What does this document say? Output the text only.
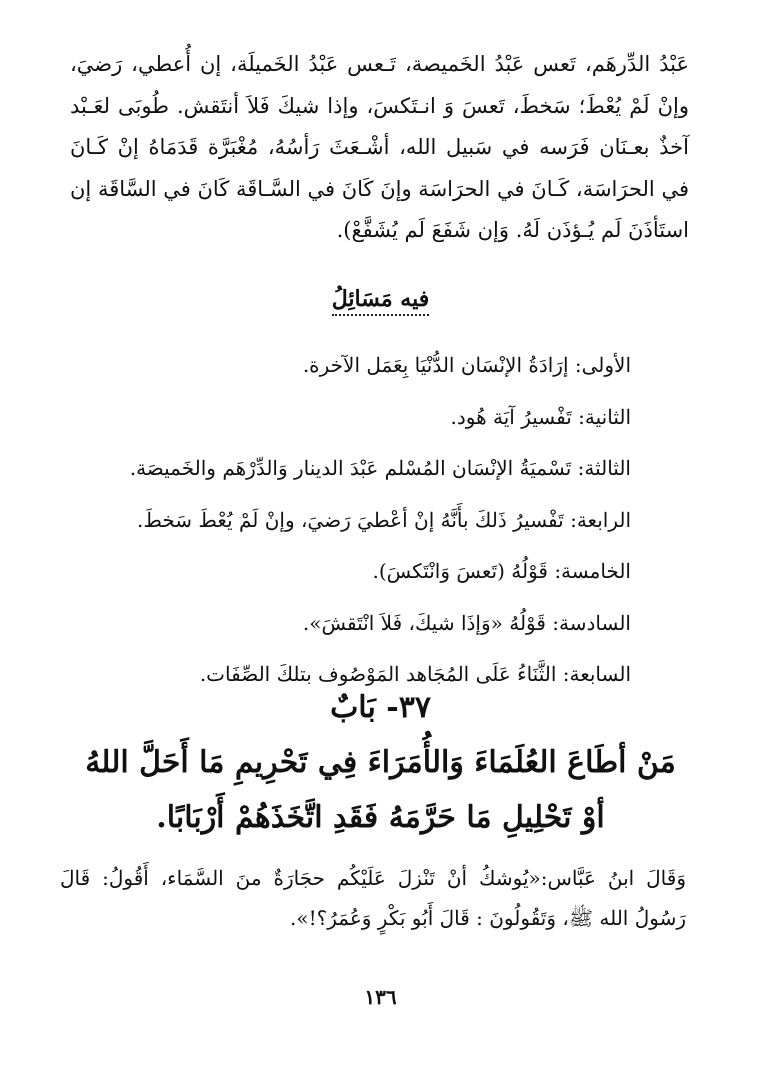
عَبْدُ الدِّرهَم، تَعس عَبْدُ الخَميصة، تَـعس عَبْدُ الخَميلَة، إن أُعطي، رَضيَ، وإنْ لَمْ يُعْطَ؛ سَخطَ، تَعسَ وَ انـتَكسَ، وإذا شيكَ فَلاَ أنتَقش. طُوبَى لعَـبْد آخذٌ بعـنَان فَرَسه في سَبيل الله، أشْـعَثَ رَأسُهُ، مُغْبَرَّة قَدَمَاهُ إنْ كَـانَ في الحرَاسَة، كَـانَ في الحرَاسَة وإنَ كَانَ في السَّـاقَة كَانَ في السَّاقَة إن استَأذَنَ لَم يُـؤذَن لَهُ. وَإن شَفَعَ لَم يُشَفَّعْ).
فيه مَسَائِلُ
الأولى: إرَادَةُ الإنْسَان الدُّنْيَا بِعَمَل الآخرة.
الثانية: تَفْسيرُ آيَة هُود.
الثالثة: تَسْميَةُ الإنْسَان المُسْلم عَبْدَ الدينار وَالدِّرْهَم والخَميصَة.
الرابعة: تَفْسيرُ ذَلكَ بأَنَّهُ إنْ أعْطيَ رَضيَ، وإنْ لَمْ يُعْطَ سَخطَ.
الخامسة: قَوْلُهُ (تَعسَ وَانْتَكسَ).
السادسة: قَوْلُهُ «وَإذَا شيكَ، فَلاَ انْتَقشَ».
السابعة: الثَّنَاءُ عَلَى المُجَاهد المَوْصُوف بتلكَ الصِّفَات.
٣٧- بَابٌ
مَنْ أطَاعَ العُلَمَاءَ وَالأُمَرَاءَ فِي تَحْرِيمِ مَا أَحَلَّ اللهُ
أوْ تَحْلِيلِ مَا حَرَّمَهُ فَقَدِ اتَّخَذَهُمْ أَرْبَابًا.
وَقَالَ ابنُ عَبَّاس:«يُوشكُ أنْ تَنْزلَ عَلَيْكُم حجَارَةٌ منَ السَّمَاء، أَقُولُ: قَالَ رَسُولُ الله ﷺ، وَتَقُولُونَ : قَالَ أَبُو بَكْرٍ وَعُمَرُ؟!».
١٣٦
